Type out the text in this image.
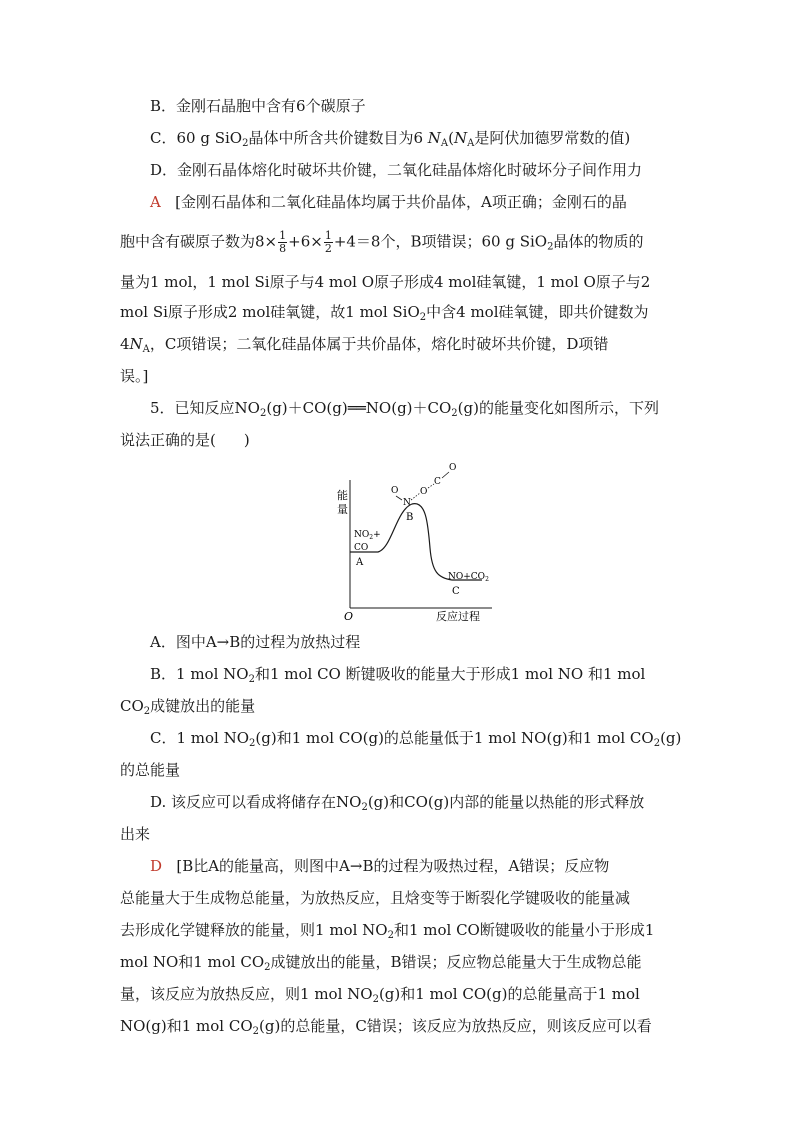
B．金刚石晶胞中含有6个碳原子
C．60 g SiO$_2$晶体中所含共价键数目为6 $N_A(N_A$是阿伏加德罗常数的值)
D．金刚石晶体熔化时破坏共价键，二氧化硅晶体熔化时破坏分子间作用力
A [金刚石晶体和二氧化硅晶体均属于共价晶体，A项正确；金刚石的晶
胞中含有碳原子数为$8\times \frac{1}{8} +6\times \frac{1}{2} +4=8$个，B项错误；60 g SiO$_2$晶体的物质的
量为1 mol，1 mol Si原子与4 mol O原子形成4 mol硅氧键，1 mol O原子与2
mol Si原子形成2 mol硅氧键，故1 mol SiO$_2$中含4 mol硅氧键，即共价键数为
$4N_A$，C项错误；二氧化硅晶体属于共价晶体，熔化时破坏共价键，D项错
误。]
5．已知反应$NO_2(g)+CO(g)══NO(g)+CO_2(g)$的能量变化如图所示，下列
说法正确的是( )
能
量
O	反应过程
$NO_2+$
CO
A
B
$NO+CO_2$
C
O
N
O
C
O
A．图中A→B的过程为放热过程
B．1 mol $NO_2$和1 mol CO 断键吸收的能量大于形成1 mol NO 和1 mol
$CO_2$成键放出的能量
C．1 mol $NO_2(g)$和1 mol CO(g)的总能量低于1 mol NO(g)和1 mol $CO_2(g)$
的总能量
D. 该反应可以看成将储存在$NO_2(g)$和CO(g)内部的能量以热能的形式释放
出来
D [B比A的能量高，则图中A→B的过程为吸热过程，A错误；反应物
总能量大于生成物总能量，为放热反应，且焓变等于断裂化学键吸收的能量减
去形成化学键释放的能量，则1 mol $NO_2$和1 mol CO断键吸收的能量小于形成1
mol NO和1 mol $CO_2$成键放出的能量，B错误；反应物总能量大于生成物总能
量，该反应为放热反应，则1 mol $NO_2(g)$和1 mol CO(g)的总能量高于1 mol
NO(g)和1 mol $CO_2(g)$的总能量，C错误；该反应为放热反应，则该反应可以看
